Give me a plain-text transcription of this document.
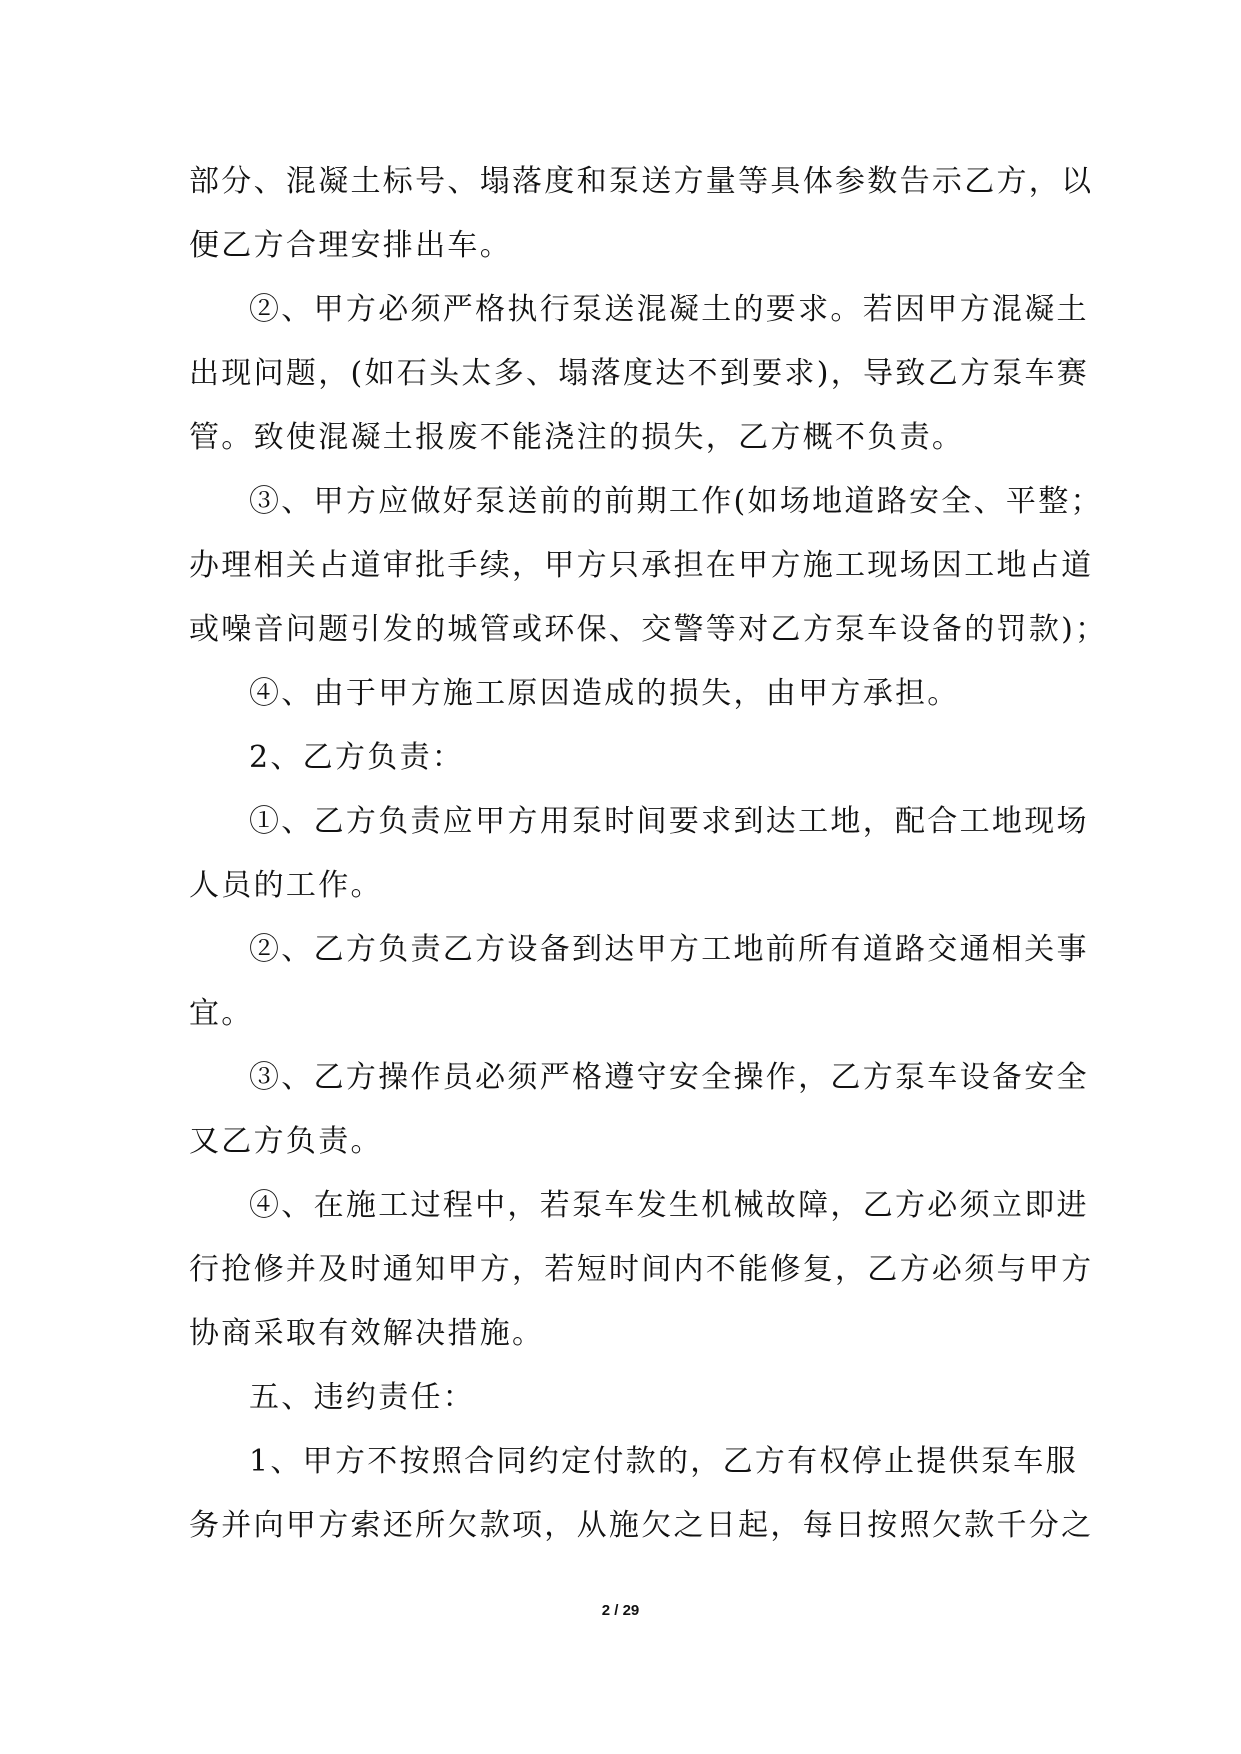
部分、混凝土标号、塌落度和泵送方量等具体参数告示乙方，以
便乙方合理安排出车。
②、甲方必须严格执行泵送混凝土的要求。若因甲方混凝土
出现问题，(如石头太多、塌落度达不到要求)，导致乙方泵车赛
管。致使混凝土报废不能浇注的损失，乙方概不负责。
③、甲方应做好泵送前的前期工作(如场地道路安全、平整；
办理相关占道审批手续，甲方只承担在甲方施工现场因工地占道
或噪音问题引发的城管或环保、交警等对乙方泵车设备的罚款)；
④、由于甲方施工原因造成的损失，由甲方承担。
2、乙方负责：
①、乙方负责应甲方用泵时间要求到达工地，配合工地现场
人员的工作。
②、乙方负责乙方设备到达甲方工地前所有道路交通相关事
宜。
③、乙方操作员必须严格遵守安全操作，乙方泵车设备安全
又乙方负责。
④、在施工过程中，若泵车发生机械故障，乙方必须立即进
行抢修并及时通知甲方，若短时间内不能修复，乙方必须与甲方
协商采取有效解决措施。
五、违约责任：
1、甲方不按照合同约定付款的，乙方有权停止提供泵车服
务并向甲方索还所欠款项，从施欠之日起，每日按照欠款千分之
2 / 29
